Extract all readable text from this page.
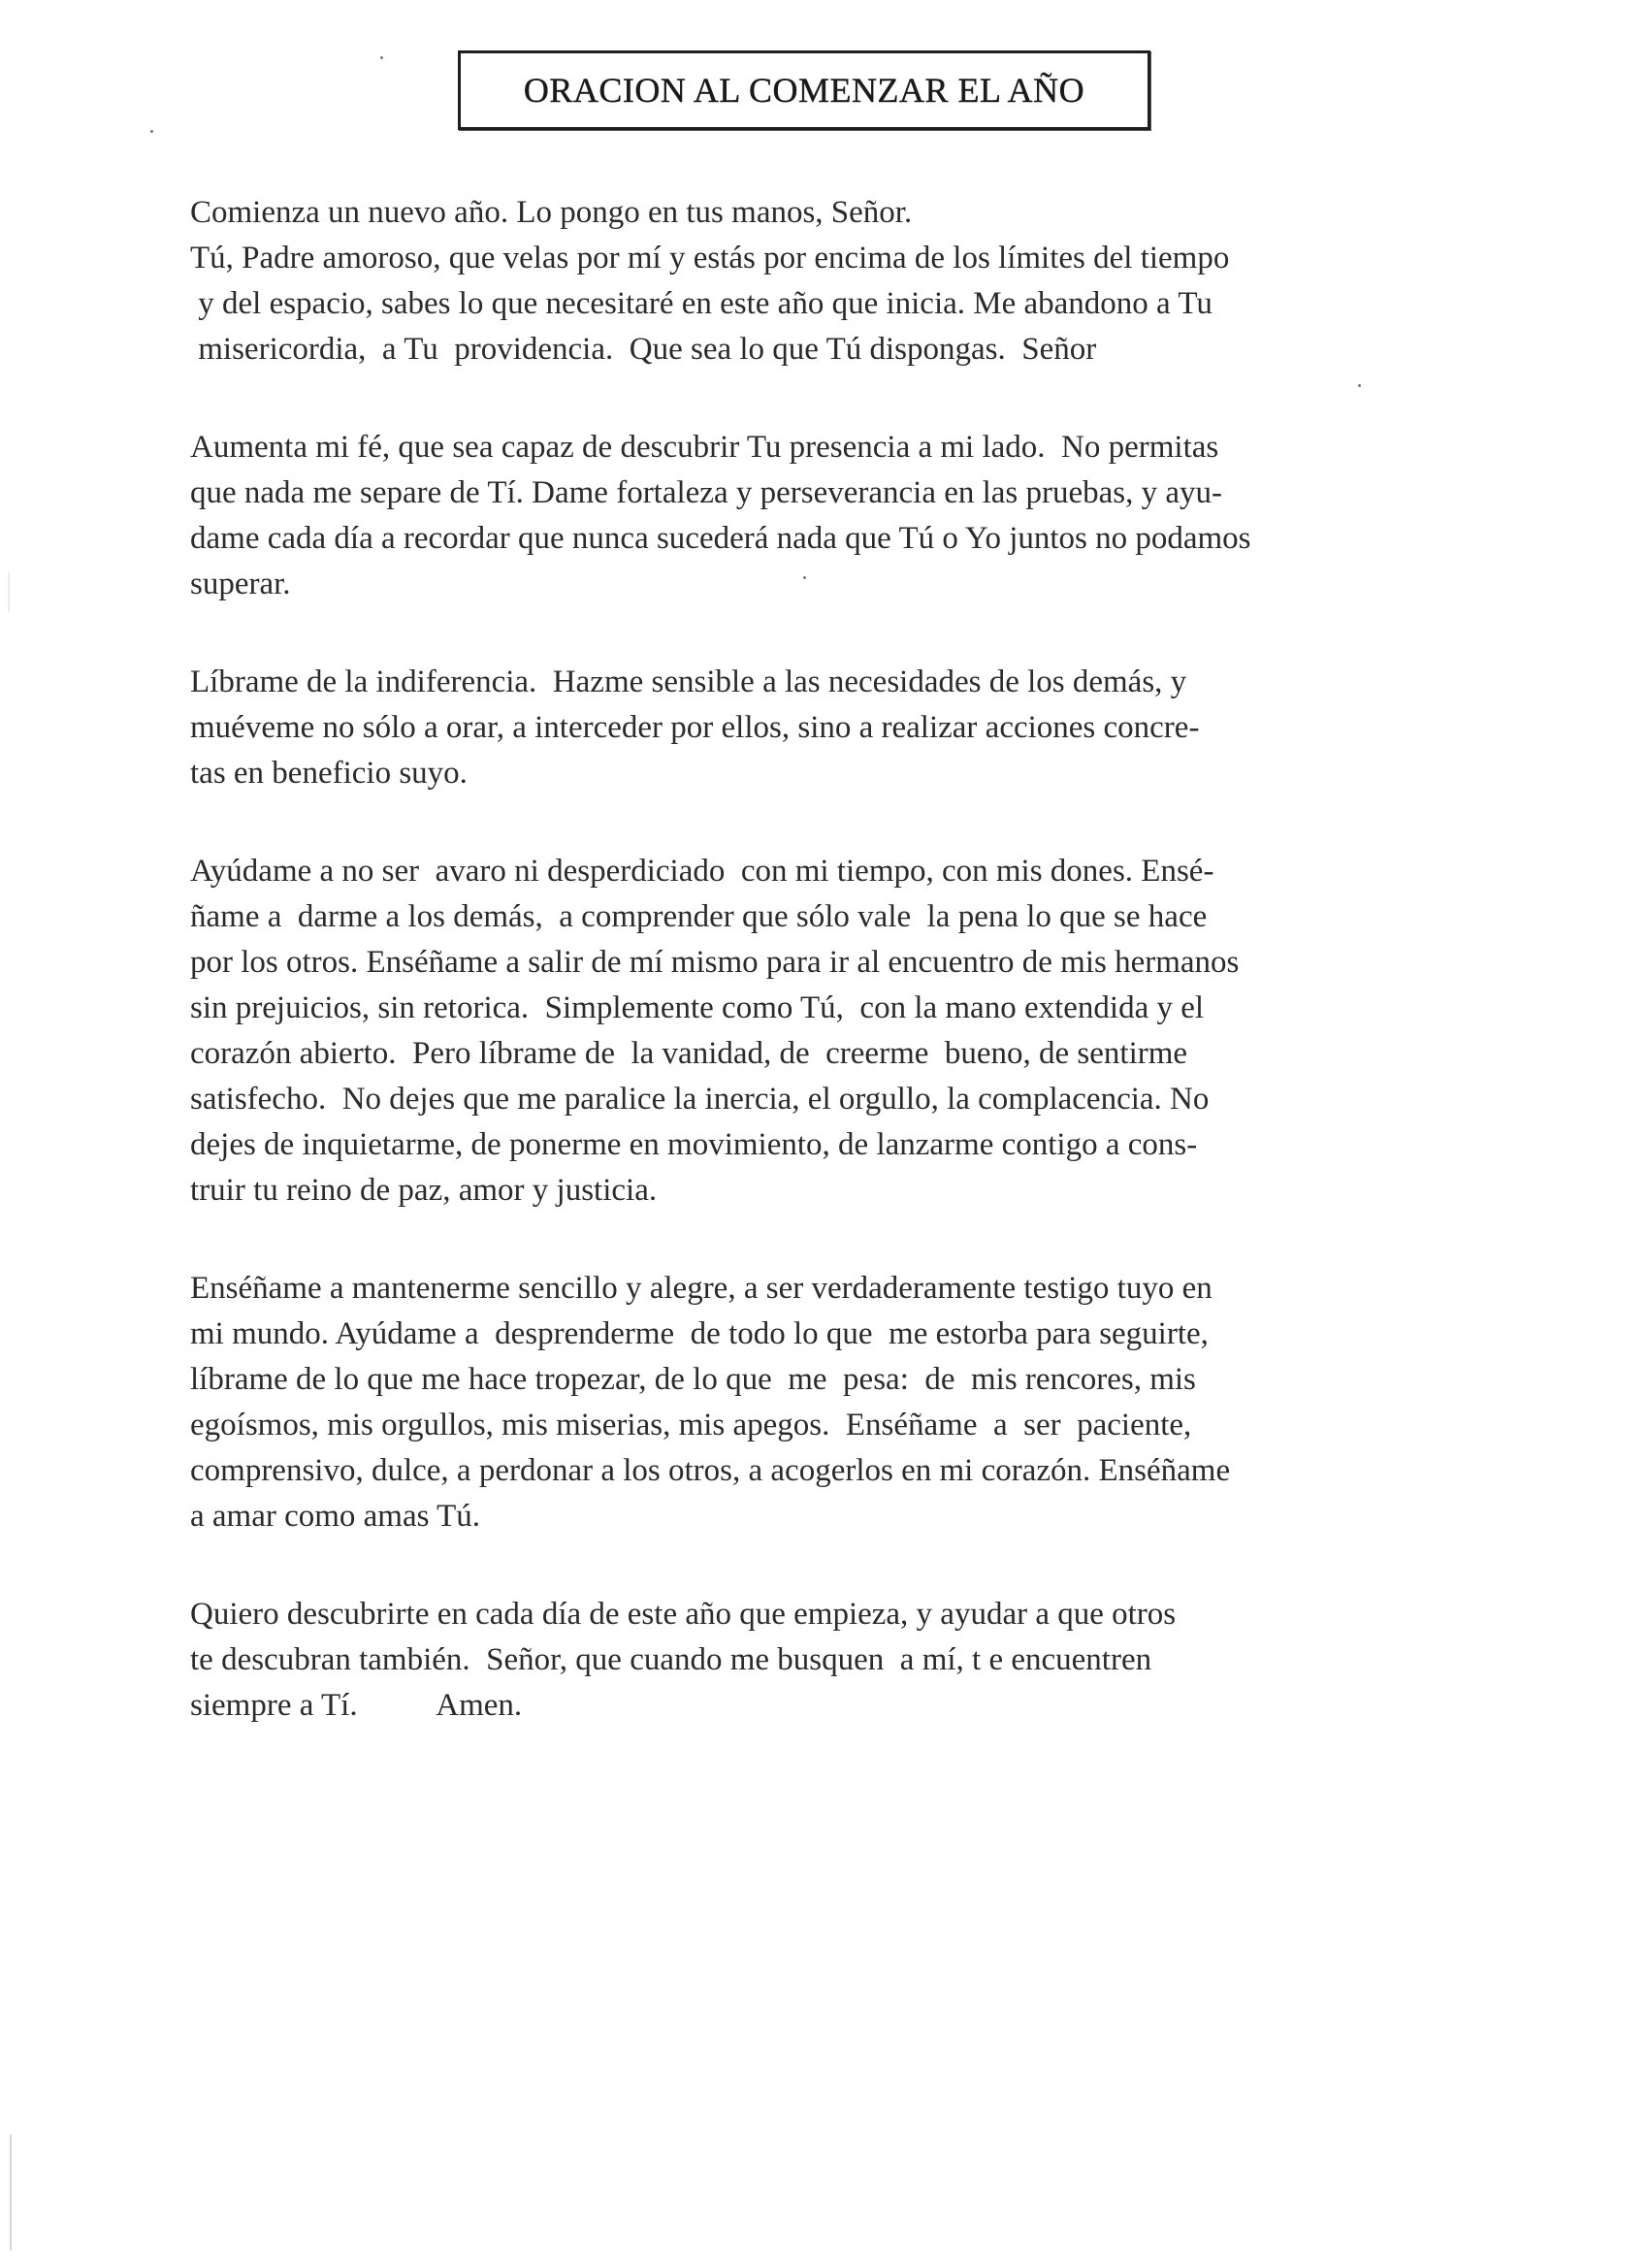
ORACION AL COMENZAR EL AÑO
Comienza un nuevo año. Lo pongo en tus manos, Señor.
Tú, Padre amoroso, que velas por mí y estás por encima de los límites del tiempo
y del espacio, sabes lo que necesitaré en este año que inicia. Me abandono a Tu
misericordia,  a Tu  providencia.  Que sea lo que Tú dispongas.  Señor
Aumenta mi fé, que sea capaz de descubrir Tu presencia a mi lado.  No permitas
que nada me separe de Tí. Dame fortaleza y perseverancia en las pruebas, y ayu-
dame cada día a recordar que nunca sucederá nada que Tú o Yo juntos no podamos
superar.
Líbrame de la indiferencia.  Hazme sensible a las necesidades de los demás, y
muéveme no sólo a orar, a interceder por ellos, sino a realizar acciones concre-
tas en beneficio suyo.
Ayúdame a no ser  avaro ni desperdiciado  con mi tiempo, con mis dones. Ensé-
ñame a  darme a los demás,  a comprender que sólo vale  la pena lo que se hace
por los otros. Enséñame a salir de mí mismo para ir al encuentro de mis hermanos
sin prejuicios, sin retorica.  Simplemente como Tú,  con la mano extendida y el
corazón abierto.  Pero líbrame de  la vanidad, de  creerme  bueno, de sentirme
satisfecho.  No dejes que me paralice la inercia, el orgullo, la complacencia. No
dejes de inquietarme, de ponerme en movimiento, de lanzarme contigo a cons-
truir tu reino de paz, amor y justicia.
Enséñame a mantenerme sencillo y alegre, a ser verdaderamente testigo tuyo en
mi mundo. Ayúdame a  desprenderme  de todo lo que  me estorba para seguirte,
líbrame de lo que me hace tropezar, de lo que  me  pesa:  de  mis rencores, mis
egoísmos, mis orgullos, mis miserias, mis apegos.  Enséñame  a  ser  paciente,
comprensivo, dulce, a perdonar a los otros, a acogerlos en mi corazón. Enséñame
a amar como amas Tú.
Quiero descubrirte en cada día de este año que empieza, y ayudar a que otros
te descubran también.  Señor, que cuando me busquen  a mí, t e encuentren
siempre a Tí.          Amen.
